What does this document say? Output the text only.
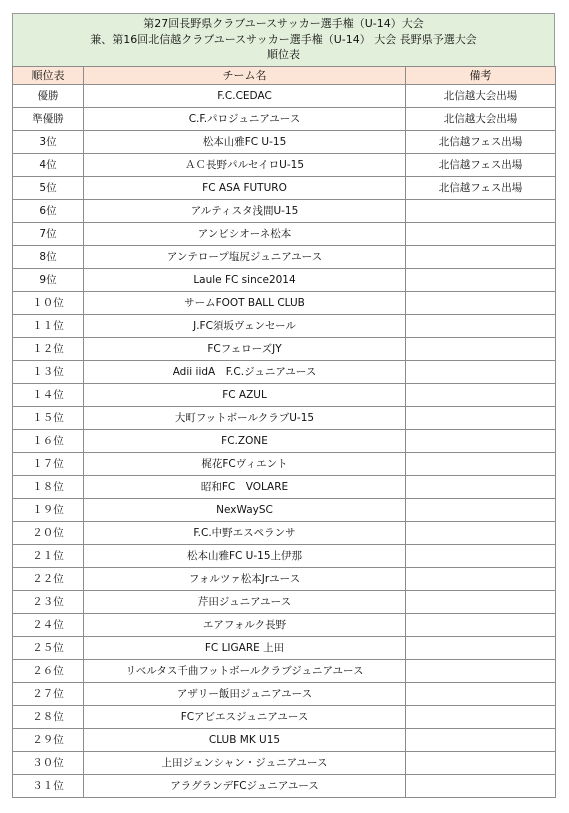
第27回長野県クラブユースサッカー選手権（U-14）大会
兼、第16回北信越クラブユースサッカー選手権（U-14） 大会 長野県予選大会
順位表
順位表	チーム名	備考
優勝	F.C.CEDAC	北信越大会出場
準優勝	C.F.パロジュニアユース	北信越大会出場
3位	松本山雅FC U-15	北信越フェス出場
4位	ＡＣ長野パルセイロU-15	北信越フェス出場
5位	FC ASA FUTURO	北信越フェス出場
6位	アルティスタ浅間U-15	
7位	アンビシオーネ松本	
8位	アンテロープ塩尻ジュニアユース	
9位	Laule FC since2014	
１０位	サームFOOT BALL CLUB	
１１位	J.FC須坂ヴェンセール	
１２位	FCフェローズJY	
１３位	Adii iidA　F.C.ジュニアユース	
１４位	FC AZUL	
１５位	大町フットボールクラブU-15	
１６位	FC.ZONE	
１７位	梶花FCヴィエント	
１８位	昭和FC　VOLARE	
１９位	NexWaySC	
２０位	F.C.中野エスペランサ	
２１位	松本山雅FC U-15上伊那	
２２位	フォルツァ松本Jrユース	
２３位	芹田ジュニアユース	
２４位	エアフォルク長野	
２５位	FC LIGARE 上田	
２６位	リベルタス千曲フットボールクラブジュニアユース	
２７位	アザリー飯田ジュニアユース	
２８位	FCアビエスジュニアユース	
２９位	CLUB MK U15	
３０位	上田ジェンシャン・ジュニアユース	
３１位	アラグランデFCジュニアユース	
